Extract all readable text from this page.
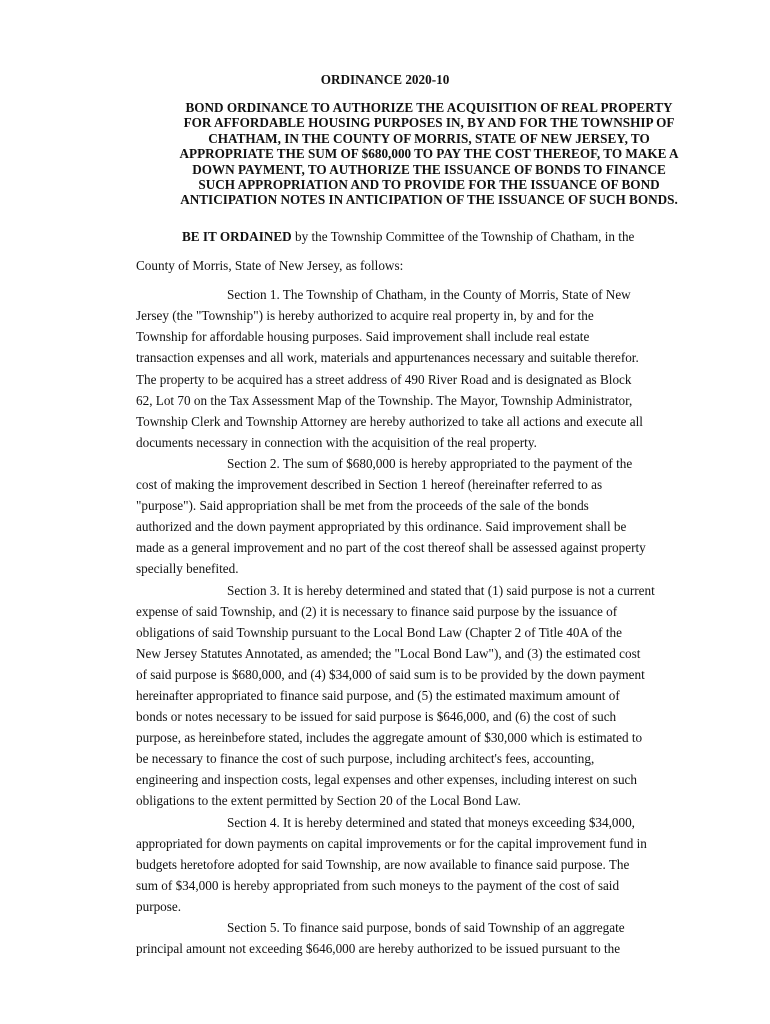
ORDINANCE 2020-10
BOND ORDINANCE TO AUTHORIZE THE ACQUISITION OF REAL PROPERTY
FOR AFFORDABLE HOUSING PURPOSES IN, BY AND FOR THE TOWNSHIP OF
CHATHAM, IN THE COUNTY OF MORRIS, STATE OF NEW JERSEY, TO
APPROPRIATE THE SUM OF $680,000 TO PAY THE COST THEREOF, TO MAKE A
DOWN PAYMENT, TO AUTHORIZE THE ISSUANCE OF BONDS TO FINANCE
SUCH APPROPRIATION AND TO PROVIDE FOR THE ISSUANCE OF BOND
ANTICIPATION NOTES IN ANTICIPATION OF THE ISSUANCE OF SUCH BONDS.
BE IT ORDAINED by the Township Committee of the Township of Chatham, in the
County of Morris, State of New Jersey, as follows:
Section 1. The Township of Chatham, in the County of Morris, State of New
Jersey (the "Township") is hereby authorized to acquire real property in, by and for the
Township for affordable housing purposes. Said improvement shall include real estate
transaction expenses and all work, materials and appurtenances necessary and suitable therefor.
The property to be acquired has a street address of 490 River Road and is designated as Block
62, Lot 70 on the Tax Assessment Map of the Township. The Mayor, Township Administrator,
Township Clerk and Township Attorney are hereby authorized to take all actions and execute all
documents necessary in connection with the acquisition of the real property.
Section 2. The sum of $680,000 is hereby appropriated to the payment of the
cost of making the improvement described in Section 1 hereof (hereinafter referred to as
"purpose"). Said appropriation shall be met from the proceeds of the sale of the bonds
authorized and the down payment appropriated by this ordinance. Said improvement shall be
made as a general improvement and no part of the cost thereof shall be assessed against property
specially benefited.
Section 3. It is hereby determined and stated that (1) said purpose is not a current
expense of said Township, and (2) it is necessary to finance said purpose by the issuance of
obligations of said Township pursuant to the Local Bond Law (Chapter 2 of Title 40A of the
New Jersey Statutes Annotated, as amended; the "Local Bond Law"), and (3) the estimated cost
of said purpose is $680,000, and (4) $34,000 of said sum is to be provided by the down payment
hereinafter appropriated to finance said purpose, and (5) the estimated maximum amount of
bonds or notes necessary to be issued for said purpose is $646,000, and (6) the cost of such
purpose, as hereinbefore stated, includes the aggregate amount of $30,000 which is estimated to
be necessary to finance the cost of such purpose, including architect's fees, accounting,
engineering and inspection costs, legal expenses and other expenses, including interest on such
obligations to the extent permitted by Section 20 of the Local Bond Law.
Section 4. It is hereby determined and stated that moneys exceeding $34,000,
appropriated for down payments on capital improvements or for the capital improvement fund in
budgets heretofore adopted for said Township, are now available to finance said purpose. The
sum of $34,000 is hereby appropriated from such moneys to the payment of the cost of said
purpose.
Section 5. To finance said purpose, bonds of said Township of an aggregate
principal amount not exceeding $646,000 are hereby authorized to be issued pursuant to the
